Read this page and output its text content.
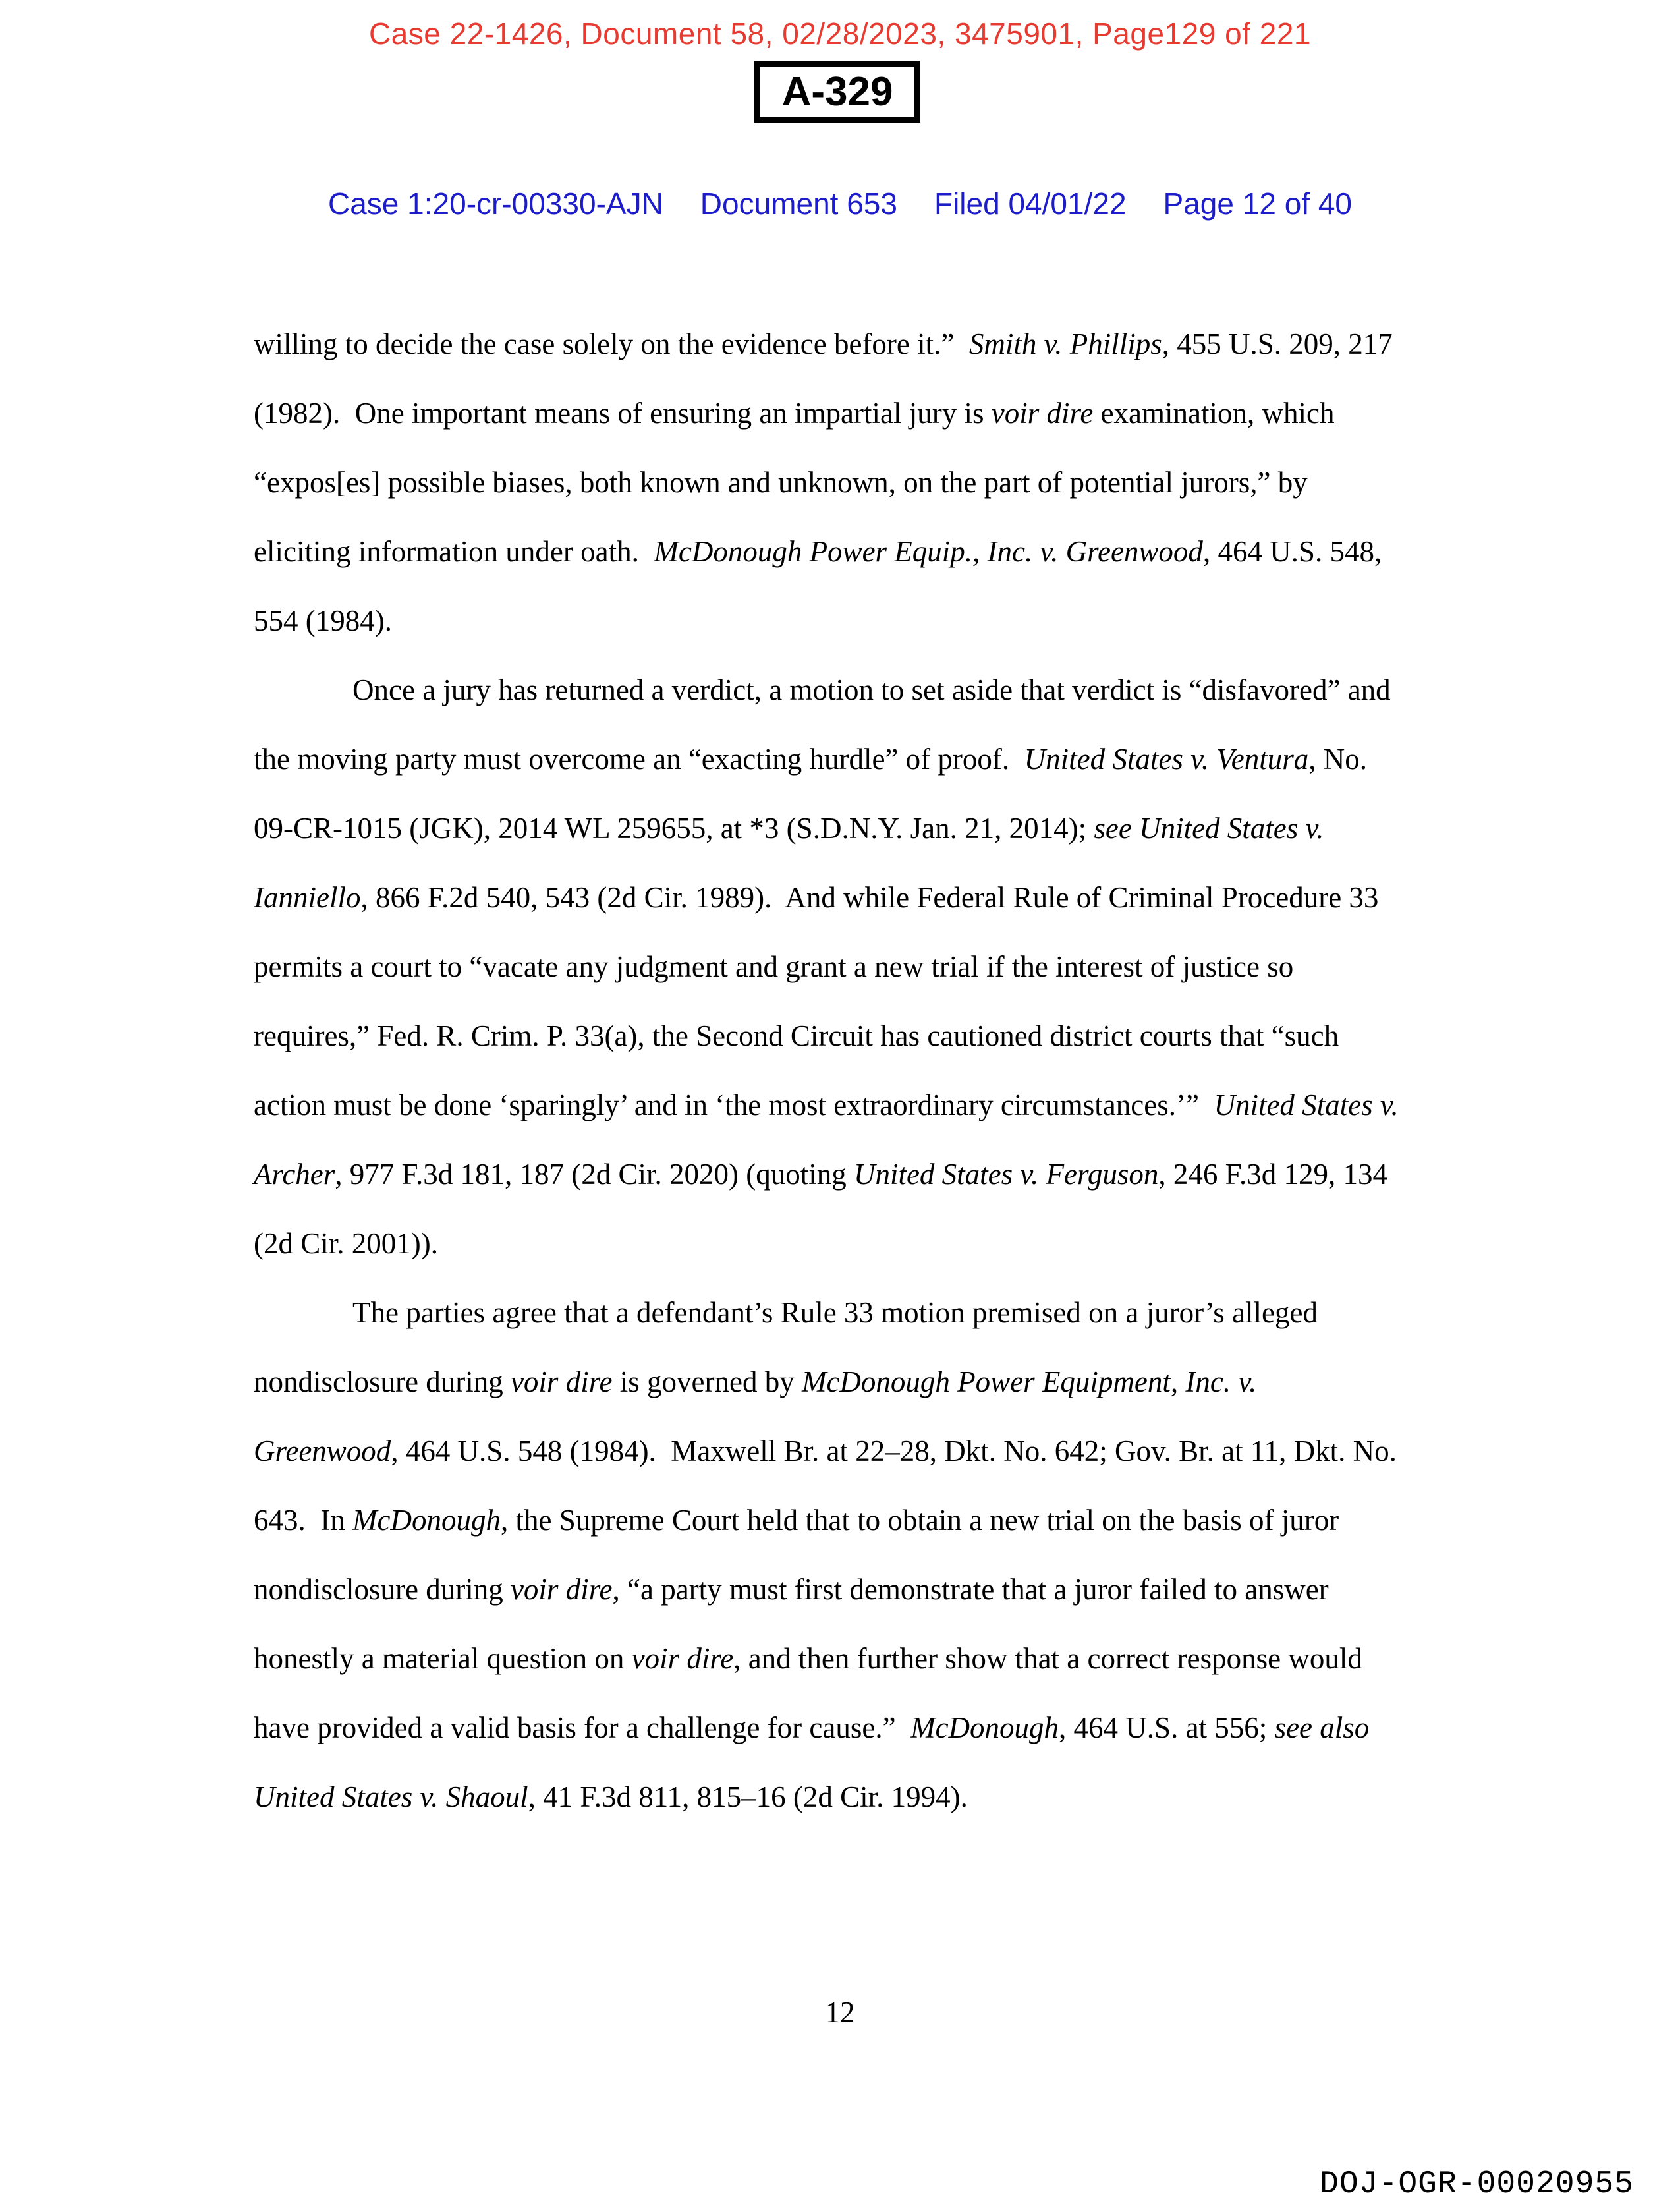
Case 22-1426, Document 58, 02/28/2023, 3475901, Page129 of 221
A-329
Case 1:20-cr-00330-AJN Document 653 Filed 04/01/22 Page 12 of 40
willing to decide the case solely on the evidence before it.”  Smith v. Phillips, 455 U.S. 209, 217
(1982).  One important means of ensuring an impartial jury is voir dire examination, which
“expos[es] possible biases, both known and unknown, on the part of potential jurors,” by
eliciting information under oath.  McDonough Power Equip., Inc. v. Greenwood, 464 U.S. 548,
554 (1984).
Once a jury has returned a verdict, a motion to set aside that verdict is “disfavored” and
the moving party must overcome an “exacting hurdle” of proof.  United States v. Ventura, No.
09-CR-1015 (JGK), 2014 WL 259655, at *3 (S.D.N.Y. Jan. 21, 2014); see United States v.
Ianniello, 866 F.2d 540, 543 (2d Cir. 1989).  And while Federal Rule of Criminal Procedure 33
permits a court to “vacate any judgment and grant a new trial if the interest of justice so
requires,” Fed. R. Crim. P. 33(a), the Second Circuit has cautioned district courts that “such
action must be done ‘sparingly’ and in ‘the most extraordinary circumstances.’”  United States v.
Archer, 977 F.3d 181, 187 (2d Cir. 2020) (quoting United States v. Ferguson, 246 F.3d 129, 134
(2d Cir. 2001)).
The parties agree that a defendant’s Rule 33 motion premised on a juror’s alleged
nondisclosure during voir dire is governed by McDonough Power Equipment, Inc. v.
Greenwood, 464 U.S. 548 (1984).  Maxwell Br. at 22–28, Dkt. No. 642; Gov. Br. at 11, Dkt. No.
643.  In McDonough, the Supreme Court held that to obtain a new trial on the basis of juror
nondisclosure during voir dire, “a party must first demonstrate that a juror failed to answer
honestly a material question on voir dire, and then further show that a correct response would
have provided a valid basis for a challenge for cause.”  McDonough, 464 U.S. at 556; see also
United States v. Shaoul, 41 F.3d 811, 815–16 (2d Cir. 1994).
12
DOJ-OGR-00020955
